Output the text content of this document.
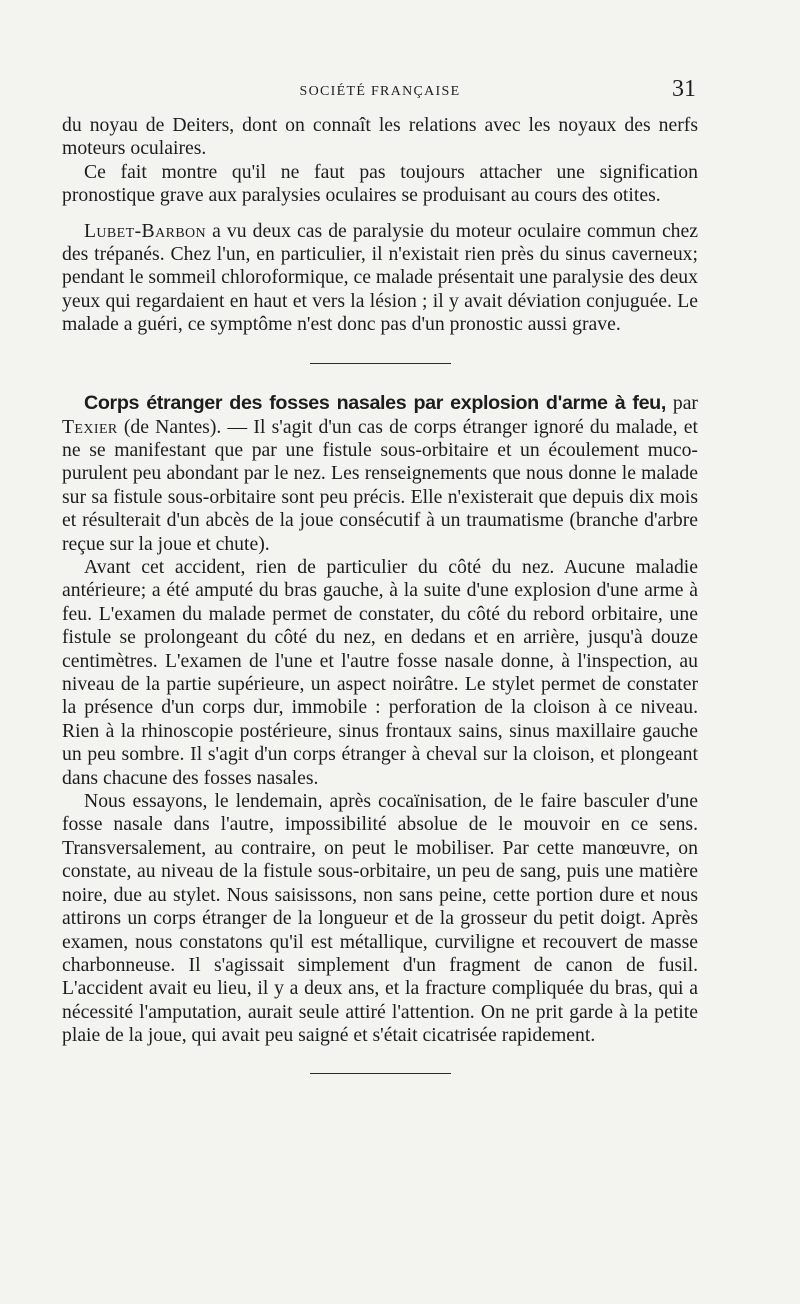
SOCIÉTÉ FRANÇAISE	31

du noyau de Deiters, dont on connaît les relations avec les noyaux des nerfs moteurs oculaires.

Ce fait montre qu'il ne faut pas toujours attacher une signification pronostique grave aux paralysies oculaires se produisant au cours des otites.

Lubet-Barbon a vu deux cas de paralysie du moteur oculaire commun chez des trépanés. Chez l'un, en particulier, il n'existait rien près du sinus caverneux; pendant le sommeil chloroformique, ce malade présentait une paralysie des deux yeux qui regardaient en haut et vers la lésion ; il y avait déviation conjuguée. Le malade a guéri, ce symptôme n'est donc pas d'un pronostic aussi grave.

Corps étranger des fosses nasales par explosion d'arme à feu, par Texier (de Nantes). — Il s'agit d'un cas de corps étranger ignoré du malade, et ne se manifestant que par une fistule sous-orbitaire et un écoulement muco-purulent peu abondant par le nez. Les renseignements que nous donne le malade sur sa fistule sous-orbitaire sont peu précis. Elle n'existerait que depuis dix mois et résulterait d'un abcès de la joue consécutif à un traumatisme (branche d'arbre reçue sur la joue et chute).

Avant cet accident, rien de particulier du côté du nez. Aucune maladie antérieure; a été amputé du bras gauche, à la suite d'une explosion d'une arme à feu. L'examen du malade permet de constater, du côté du rebord orbitaire, une fistule se prolongeant du côté du nez, en dedans et en arrière, jusqu'à douze centimètres. L'examen de l'une et l'autre fosse nasale donne, à l'inspection, au niveau de la partie supérieure, un aspect noirâtre. Le stylet permet de constater la présence d'un corps dur, immobile : perforation de la cloison à ce niveau. Rien à la rhinoscopie postérieure, sinus frontaux sains, sinus maxillaire gauche un peu sombre. Il s'agit d'un corps étranger à cheval sur la cloison, et plongeant dans chacune des fosses nasales.

Nous essayons, le lendemain, après cocaïnisation, de le faire basculer d'une fosse nasale dans l'autre, impossibilité absolue de le mouvoir en ce sens. Transversalement, au contraire, on peut le mobiliser. Par cette manœuvre, on constate, au niveau de la fistule sous-orbitaire, un peu de sang, puis une matière noire, due au stylet. Nous saisissons, non sans peine, cette portion dure et nous attirons un corps étranger de la longueur et de la grosseur du petit doigt. Après examen, nous constatons qu'il est métallique, curviligne et recouvert de masse charbonneuse. Il s'agissait simplement d'un fragment de canon de fusil. L'accident avait eu lieu, il y a deux ans, et la fracture compliquée du bras, qui a nécessité l'amputation, aurait seule attiré l'attention. On ne prit garde à la petite plaie de la joue, qui avait peu saigné et s'était cicatrisée rapidement.
